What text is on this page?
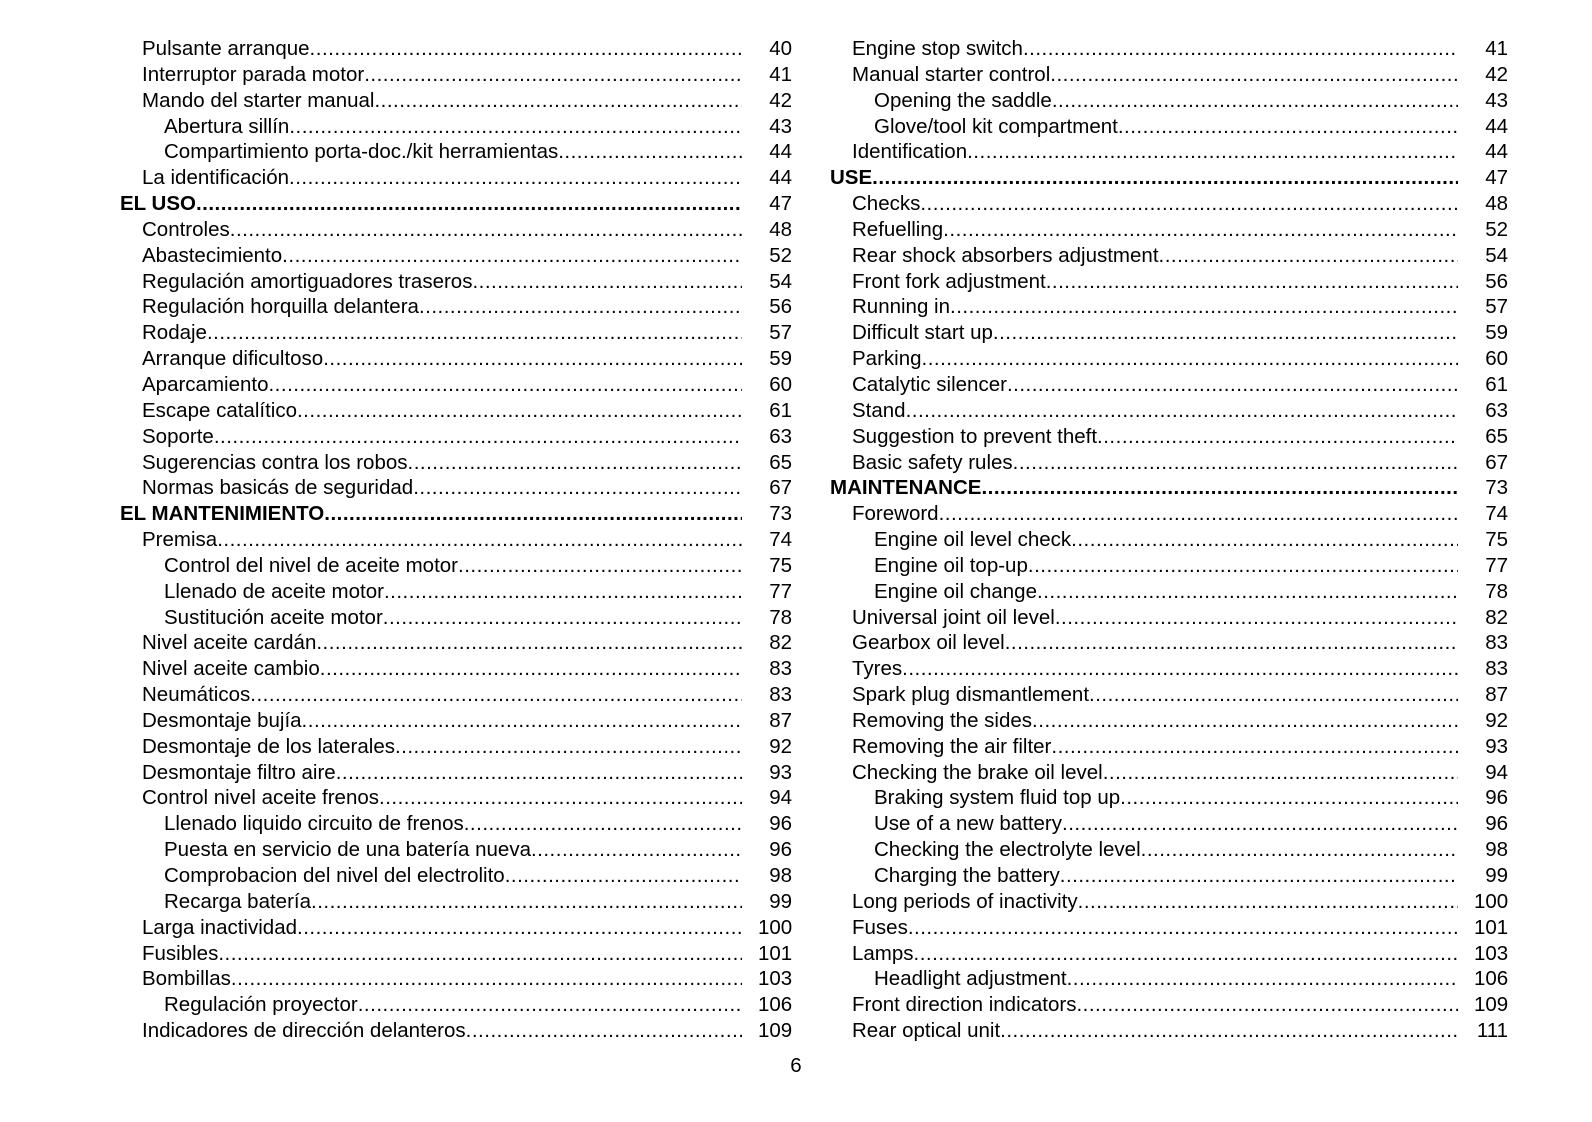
Pulsante arranque .....	40
Interruptor parada motor .....	41
Mando del starter manual .....	42
Abertura sillín .....	43
Compartimiento porta-doc./kit herramientas .....	44
La identificación .....	44
EL USO .....	47
Controles .....	48
Abastecimiento .....	52
Regulación amortiguadores traseros .....	54
Regulación horquilla delantera .....	56
Rodaje .....	57
Arranque dificultoso .....	59
Aparcamiento .....	60
Escape catalítico .....	61
Soporte .....	63
Sugerencias contra los robos .....	65
Normas basicás de seguridad .....	67
EL MANTENIMIENTO .....	73
Premisa .....	74
Control del nivel de aceite motor .....	75
Llenado de aceite motor .....	77
Sustitución aceite motor .....	78
Nivel aceite cardán .....	82
Nivel aceite cambio .....	83
Neumáticos .....	83
Desmontaje bujía .....	87
Desmontaje de los laterales .....	92
Desmontaje filtro aire .....	93
Control nivel aceite frenos .....	94
Llenado liquido circuito de frenos .....	96
Puesta en servicio de una batería nueva .....	96
Comprobacion del nivel del electrolito .....	98
Recarga batería .....	99
Larga inactividad .....	100
Fusibles .....	101
Bombillas .....	103
Regulación proyector .....	106
Indicadores de dirección delanteros .....	109
Engine stop switch .....	41
Manual starter control .....	42
Opening the saddle .....	43
Glove/tool kit compartment .....	44
Identification .....	44
USE .....	47
Checks .....	48
Refuelling .....	52
Rear shock absorbers adjustment .....	54
Front fork adjustment .....	56
Running in .....	57
Difficult start up .....	59
Parking .....	60
Catalytic silencer .....	61
Stand .....	63
Suggestion to prevent theft .....	65
Basic safety rules .....	67
MAINTENANCE .....	73
Foreword .....	74
Engine oil level check .....	75
Engine oil top-up .....	77
Engine oil change .....	78
Universal joint oil level .....	82
Gearbox oil level .....	83
Tyres .....	83
Spark plug dismantlement .....	87
Removing the sides .....	92
Removing the air filter .....	93
Checking the brake oil level .....	94
Braking system fluid top up .....	96
Use of a new battery .....	96
Checking the electrolyte level .....	98
Charging the battery .....	99
Long periods of inactivity .....	100
Fuses .....	101
Lamps .....	103
Headlight adjustment .....	106
Front direction indicators .....	109
Rear optical unit .....	111
6
